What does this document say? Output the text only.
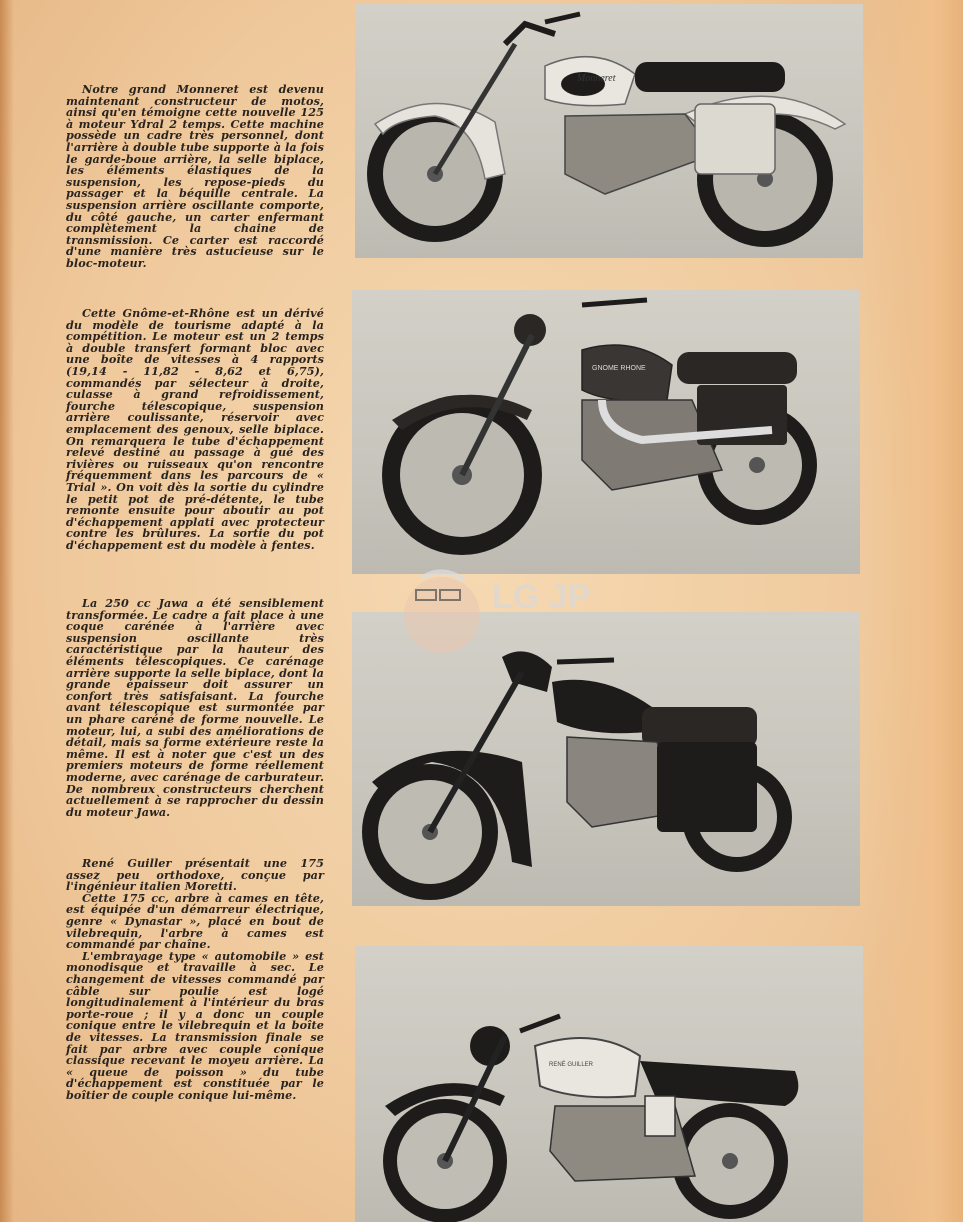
Notre grand Monneret est devenu maintenant constructeur de motos, ainsi qu'en témoigne cette nouvelle 125 à moteur Ydral 2 temps. Cette machine possède un cadre très personnel, dont l'arrière à double tube supporte à la fois le garde-boue arrière, la selle biplace, les éléments élastiques de la suspension, les repose-pieds du passager et la béquille centrale. La suspension arrière oscillante comporte, du côté gauche, un carter enfermant complètement la chaine de transmission. Ce carter est raccordé d'une manière très astucieuse sur le bloc-moteur.

Cette Gnôme-et-Rhône est un dérivé du modèle de tourisme adapté à la compétition. Le moteur est un 2 temps à double transfert formant bloc avec une boîte de vitesses à 4 rapports (19,14 - 11,82 - 8,62 et 6,75), commandés par sélecteur à droite, culasse à grand refroidissement, fourche télescopique, suspension arrière coulissante, réservoir avec emplacement des genoux, selle biplace. On remarquera le tube d'échappement relevé destiné au passage à gué des rivières ou ruisseaux qu'on rencontre fréquemment dans les parcours de « Trial ». On voit dès la sortie du cylindre le petit pot de pré-détente, le tube remonte ensuite pour aboutir au pot d'échappement applati avec protecteur contre les brûlures. La sortie du pot d'échappement est du modèle à fentes.

La 250 cc Jawa a été sensiblement transformée. Le cadre a fait place à une coque carénée à l'arrière avec suspension oscillante très caractéristique par la hauteur des éléments télescopiques. Ce carénage arrière supporte la selle biplace, dont la grande épaisseur doit assurer un confort très satisfaisant. La fourche avant télescopique est surmontée par un phare caréné de forme nouvelle. Le moteur, lui, a subi des améliorations de détail, mais sa forme extérieure reste la même. Il est à noter que c'est un des premiers moteurs de forme réellement moderne, avec carénage de carburateur. De nombreux constructeurs cherchent actuellement à se rapprocher du dessin du moteur Jawa.

René Guiller présentait une 175 assez peu orthodoxe, conçue par l'ingénieur italien Moretti.

Cette 175 cc, arbre à cames en tête, est équipée d'un démarreur électrique, genre « Dynastar », placé en bout de vilebrequin, l'arbre à cames est commandé par chaîne.

L'embrayage type « automobile » est monodisque et travaille à sec. Le changement de vitesses commandé par câble sur poulie est logé longitudinalement à l'intérieur du bras porte-roue ; il y a donc un couple conique entre le vilebrequin et la boîte de vitesses. La transmission finale se fait par arbre avec couple conique classique recevant le moyeu arrière. La « queue de poisson » du tube d'échappement est constituée par le boîtier de couple conique lui-même.

Monneret
GNOME RHONE
RENÉ GUILLER
LG JP
